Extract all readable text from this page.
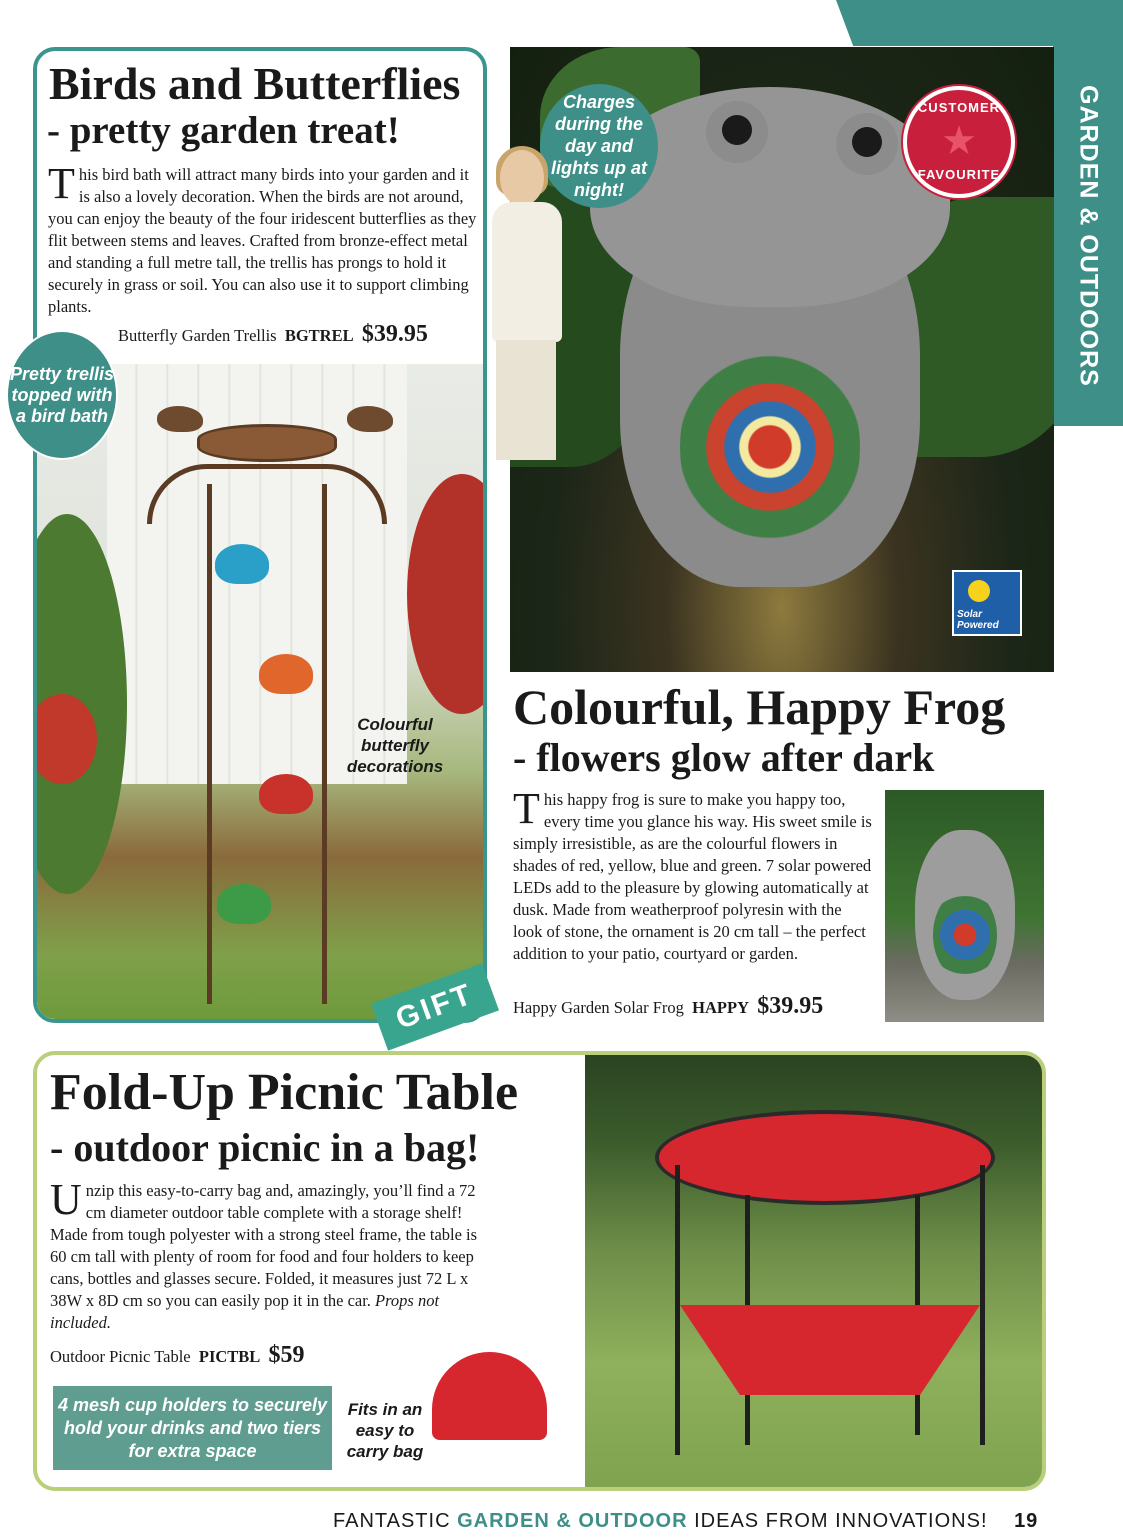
GARDEN & OUTDOORS
Birds and Butterflies
- pretty garden treat!
This bird bath will attract many birds into your garden and it is also a lovely decoration. When the birds are not around, you can enjoy the beauty of the four iridescent butterflies as they flit between stems and leaves. Crafted from bronze-effect metal and standing a full metre tall, the trellis has prongs to hold it securely in grass or soil. You can also use it to support climbing plants.
Butterfly Garden Trellis BGTREL $39.95
Colourful butterfly decorations
Pretty trellis topped with a bird bath
GIFT
Charges during the day and lights up at night!
CUSTOMER
★
FAVOURITE
Solar Powered
Colourful, Happy Frog
- flowers glow after dark
This happy frog is sure to make you happy too, every time you glance his way. His sweet smile is simply irresistible, as are the colourful flowers in shades of red, yellow, blue and green. 7 solar powered LEDs add to the pleasure by glowing automatically at dusk. Made from weatherproof polyresin with the look of stone, the ornament is 20 cm tall – the perfect addition to your patio, courtyard or garden.
Happy Garden Solar Frog HAPPY $39.95
Fold-Up Picnic Table
- outdoor picnic in a bag!
Unzip this easy-to-carry bag and, amazingly, you’ll find a 72 cm diameter outdoor table complete with a storage shelf! Made from tough polyester with a strong steel frame, the table is 60 cm tall with plenty of room for food and four holders to keep cans, bottles and glasses secure. Folded, it measures just 72 L x 38W x 8D cm so you can easily pop it in the car. Props not included.
Outdoor Picnic Table PICTBL $59
4 mesh cup holders to securely hold your drinks and two tiers for extra space
Fits in an easy to carry bag
FANTASTIC GARDEN & OUTDOOR IDEAS FROM INNOVATIONS! 19
